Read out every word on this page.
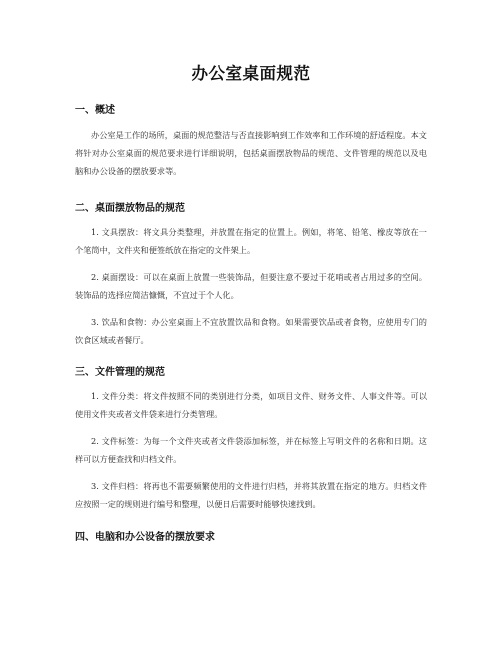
办公室桌面规范
一、概述

办公室是工作的场所，桌面的规范整洁与否直接影响到工作效率和工作环境的舒适程度。本文将针对办公室桌面的规范要求进行详细说明，包括桌面摆放物品的规范、文件管理的规范以及电脑和办公设备的摆放要求等。

二、桌面摆放物品的规范

1. 文具摆放：将文具分类整理，并放置在指定的位置上。例如，将笔、铅笔、橡皮等放在一个笔筒中，文件夹和便签纸放在指定的文件架上。

2. 桌面摆设：可以在桌面上放置一些装饰品，但要注意不要过于花哨或者占用过多的空间。装饰品的选择应简洁慷慨，不宜过于个人化。

3. 饮品和食物：办公室桌面上不宜放置饮品和食物。如果需要饮品或者食物，应使用专门的饮食区域或者餐厅。

三、文件管理的规范

1. 文件分类：将文件按照不同的类别进行分类，如项目文件、财务文件、人事文件等。可以使用文件夹或者文件袋来进行分类管理。

2. 文件标签：为每一个文件夹或者文件袋添加标签，并在标签上写明文件的名称和日期。这样可以方便查找和归档文件。

3. 文件归档：将再也不需要频繁使用的文件进行归档，并将其放置在指定的地方。归档文件应按照一定的规则进行编号和整理，以便日后需要时能够快速找到。

四、电脑和办公设备的摆放要求
